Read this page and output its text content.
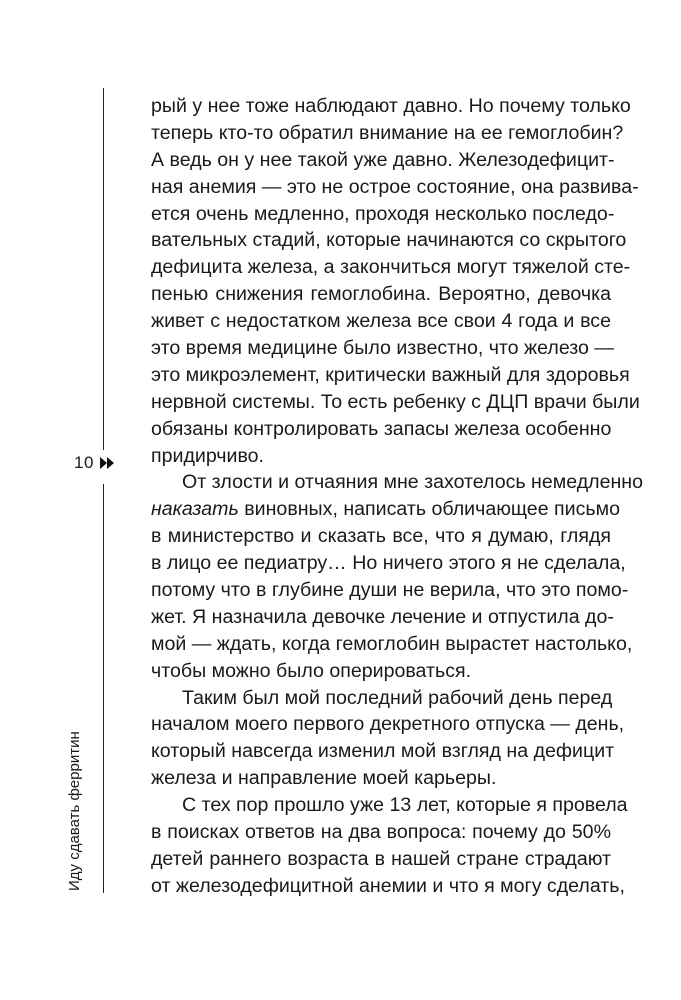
10
Иду сдавать ферритин
рый у нее тоже наблюдают давно. Но почему только
теперь кто-то обратил внимание на ее гемоглобин?
А ведь он у нее такой уже давно. Железодефицит-
ная анемия — это не острое состояние, она развива-
ется очень медленно, проходя несколько последо-
вательных стадий, которые начинаются со скрытого
дефицита железа, а закончиться могут тяжелой сте-
пенью снижения гемоглобина. Вероятно, девочка
живет с недостатком железа все свои 4 года и все
это время медицине было известно, что железо —
это микроэлемент, критически важный для здоровья
нервной системы. То есть ребенку с ДЦП врачи были
обязаны контролировать запасы железа особенно
придирчиво.
От злости и отчаяния мне захотелось немедленно
наказать виновных, написать обличающее письмо
в министерство и сказать все, что я думаю, глядя
в лицо ее педиатру… Но ничего этого я не сделала,
потому что в глубине души не верила, что это помо-
жет. Я назначила девочке лечение и отпустила до-
мой — ждать, когда гемоглобин вырастет настолько,
чтобы можно было оперироваться.
Таким был мой последний рабочий день перед
началом моего первого декретного отпуска — день,
который навсегда изменил мой взгляд на дефицит
железа и направление моей карьеры.
С тех пор прошло уже 13 лет, которые я провела
в поисках ответов на два вопроса: почему до 50%
детей раннего возраста в нашей стране страдают
от железодефицитной анемии и что я могу сделать,
